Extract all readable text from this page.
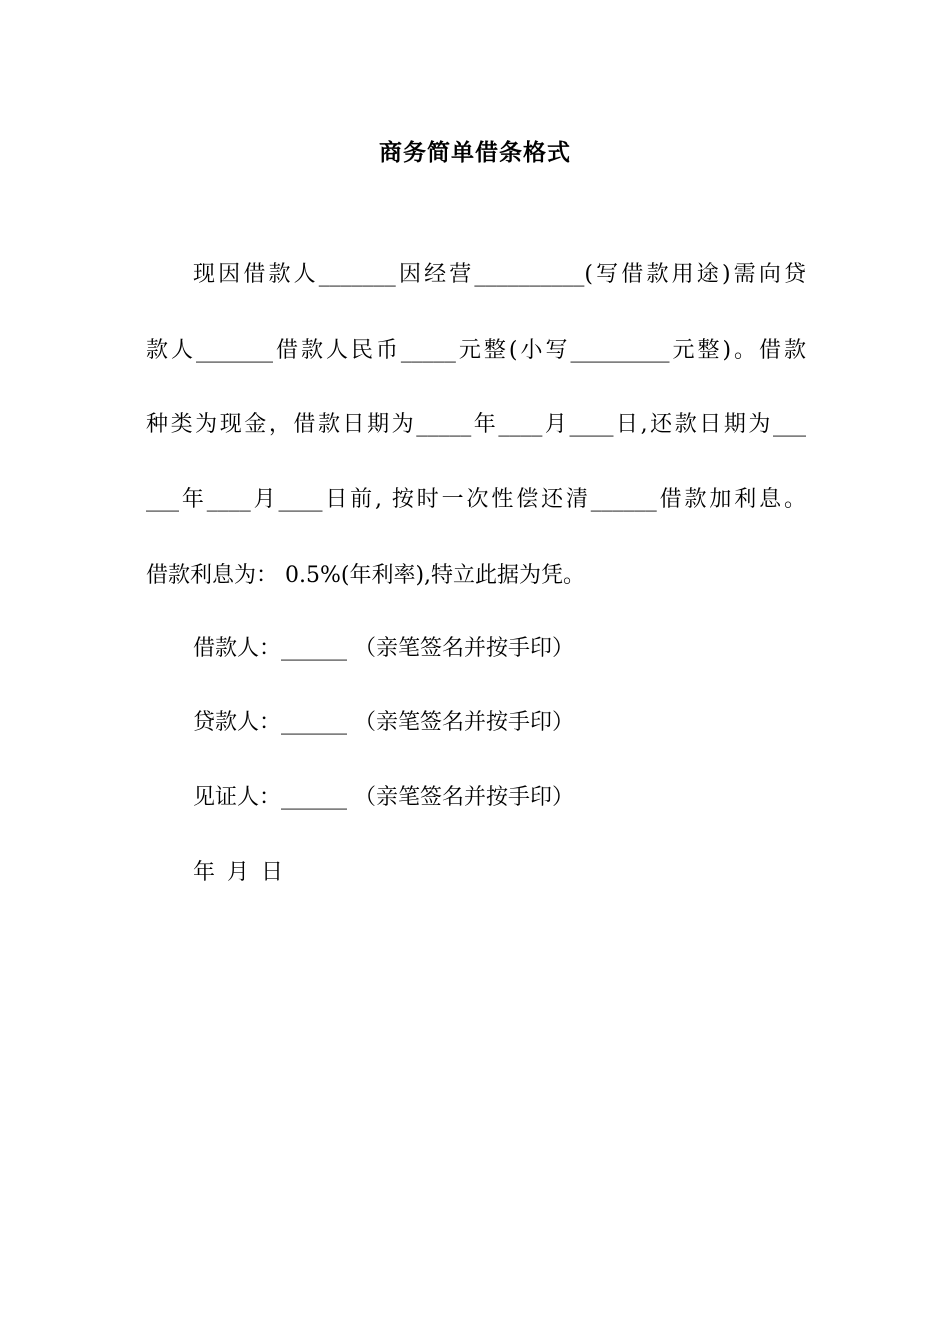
商务简单借条格式
现因借款人_______因经营__________(写借款用途)需向贷
款人_______借款人民币_____元整(小写_________元整)。借款
种类为现金，借款日期为_____年____月____日,还款日期为___
___年____月____日前, 按时一次性偿还清______借款加利息。
借款利息为： 0.5%(年利率),特立此据为凭。
借款人：______ （亲笔签名并按手印）
贷款人：______ （亲笔签名并按手印）
见证人：______ （亲笔签名并按手印）
年 月 日
